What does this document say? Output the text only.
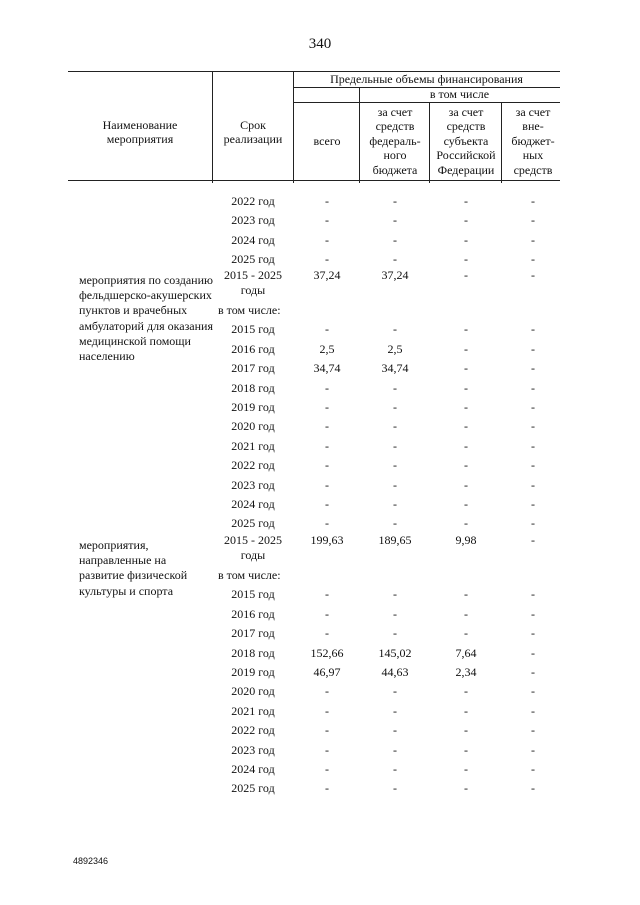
340
Наименование мероприятия
Срок реализации
Предельные объемы финансирования
в том числе
всего
за счет средств федераль-ного бюджета
за счет средств субъекта Российской Федерации
за счет вне-бюджет-ных средств
2022 год
2023 год
2024 год
2025 год
-
-
-
-
-
-
-
-
-
-
-
-
-
-
-
-
мероприятия по созданию фельдшерско-акушерских пунктов и врачебных амбулаторий для оказания медицинской помощи населению
2015 - 2025 годы
в том числе:
2015 год
2016 год
2017 год
2018 год
2019 год
2020 год
2021 год
2022 год
2023 год
2024 год
2025 год
37,24
-
2,5
34,74
-
-
-
-
-
-
-
-
37,24
-
2,5
34,74
-
-
-
-
-
-
-
-
-
-
-
-
-
-
-
-
-
-
-
-
-
-
-
-
-
-
-
-
-
-
-
-
мероприятия, направленные на развитие физической культуры и спорта
2015 - 2025 годы
в том числе:
2015 год
2016 год
2017 год
2018 год
2019 год
2020 год
2021 год
2022 год
2023 год
2024 год
2025 год
199,63
-
-
-
152,66
46,97
-
-
-
-
-
-
189,65
-
-
-
145,02
44,63
-
-
-
-
-
-
9,98
-
-
-
7,64
2,34
-
-
-
-
-
-
-
-
-
-
-
-
-
-
-
-
-
-
4892346
